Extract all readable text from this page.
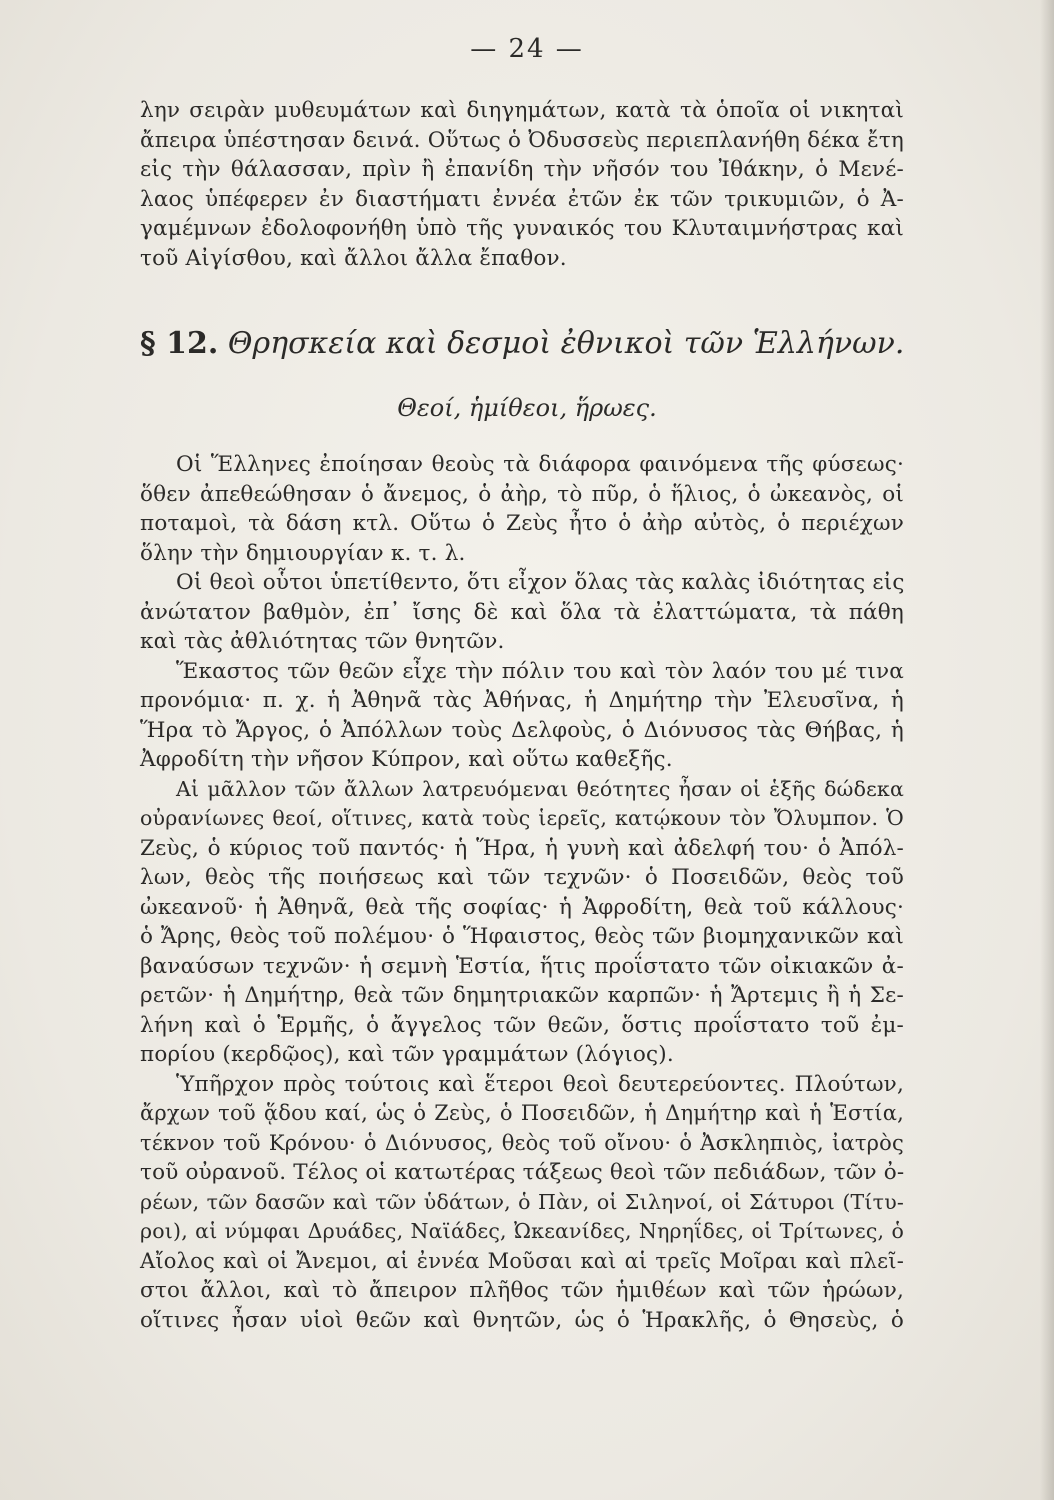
— 24 —
λην σειρὰν μυθευμάτων καὶ διηγημάτων, κατὰ τὰ ὁποῖα οἱ νικηταὶ
ἄπειρα ὑπέστησαν δεινά. Οὕτως ὁ Ὀδυσσεὺς περιεπλανήθη δέκα ἔτη
εἰς τὴν θάλασσαν, πρὶν ἢ ἐπανίδη τὴν νῆσόν του Ἰθάκην, ὁ Μενέ-
λαος ὑπέφερεν ἐν διαστήματι ἐννέα ἐτῶν ἐκ τῶν τρικυμιῶν, ὁ Ἀ-
γαμέμνων ἐδολοφονήθη ὑπὸ τῆς γυναικός του Κλυταιμνήστρας καὶ
τοῦ Αἰγίσθου, καὶ ἄλλοι ἄλλα ἔπαθον.
§ 12. Θρησκεία καὶ δεσμοὶ ἐθνικοὶ τῶν Ἑλλήνων.
Θεοί, ἡμίθεοι, ἥρωες.
Οἱ Ἕλληνες ἐποίησαν θεοὺς τὰ διάφορα φαινόμενα τῆς φύσεως·
ὅθεν ἀπεθεώθησαν ὁ ἄνεμος, ὁ ἀὴρ, τὸ πῦρ, ὁ ἥλιος, ὁ ὠκεανὸς, οἱ
ποταμοὶ, τὰ δάση κτλ. Οὕτω ὁ Ζεὺς ἦτο ὁ ἀὴρ αὐτὸς, ὁ περιέχων
ὅλην τὴν δημιουργίαν κ. τ. λ.
Οἱ θεοὶ οὗτοι ὑπετίθεντο, ὅτι εἶχον ὅλας τὰς καλὰς ἰδιότητας εἰς
ἀνώτατον βαθμὸν, ἐπ᾿ ἴσης δὲ καὶ ὅλα τὰ ἐλαττώματα, τὰ πάθη
καὶ τὰς ἀθλιότητας τῶν θνητῶν.
Ἕκαστος τῶν θεῶν εἶχε τὴν πόλιν του καὶ τὸν λαόν του μέ τινα
προνόμια· π. χ. ἡ Ἀθηνᾶ τὰς Ἀθήνας, ἡ Δημήτηρ τὴν Ἐλευσῖνα, ἡ
Ἥρα τὸ Ἄργος, ὁ Ἀπόλλων τοὺς Δελφοὺς, ὁ Διόνυσος τὰς Θήβας, ἡ
Ἀφροδίτη τὴν νῆσον Κύπρον, καὶ οὕτω καθεξῆς.
Αἱ μᾶλλον τῶν ἄλλων λατρευόμεναι θεότητες ἦσαν οἱ ἑξῆς δώδεκα
οὐρανίωνες θεοί, οἵτινες, κατὰ τοὺς ἱερεῖς, κατῴκουν τὸν Ὄλυμπον. Ὁ
Ζεὺς, ὁ κύριος τοῦ παντός· ἡ Ἥρα, ἡ γυνὴ καὶ ἀδελφή του· ὁ Ἀπόλ-
λων, θεὸς τῆς ποιήσεως καὶ τῶν τεχνῶν· ὁ Ποσειδῶν, θεὸς τοῦ
ὠκεανοῦ· ἡ Ἀθηνᾶ, θεὰ τῆς σοφίας· ἡ Ἀφροδίτη, θεὰ τοῦ κάλλους·
ὁ Ἄρης, θεὸς τοῦ πολέμου· ὁ Ἥφαιστος, θεὸς τῶν βιομηχανικῶν καὶ
βαναύσων τεχνῶν· ἡ σεμνὴ Ἑστία, ἥτις προΐστατο τῶν οἰκιακῶν ἀ-
ρετῶν· ἡ Δημήτηρ, θεὰ τῶν δημητριακῶν καρπῶν· ἡ Ἄρτεμις ἢ ἡ Σε-
λήνη καὶ ὁ Ἑρμῆς, ὁ ἄγγελος τῶν θεῶν, ὅστις προΐστατο τοῦ ἐμ-
πορίου (κερδῷος), καὶ τῶν γραμμάτων (λόγιος).
Ὑπῆρχον πρὸς τούτοις καὶ ἕτεροι θεοὶ δευτερεύοντες. Πλούτων,
ἄρχων τοῦ ᾅδου καί, ὡς ὁ Ζεὺς, ὁ Ποσειδῶν, ἡ Δημήτηρ καὶ ἡ Ἑστία,
τέκνον τοῦ Κρόνου· ὁ Διόνυσος, θεὸς τοῦ οἴνου· ὁ Ἀσκληπιὸς, ἰατρὸς
τοῦ οὐρανοῦ. Τέλος οἱ κατωτέρας τάξεως θεοὶ τῶν πεδιάδων, τῶν ὀ-
ρέων, τῶν δασῶν καὶ τῶν ὑδάτων, ὁ Πὰν, οἱ Σιληνοί, οἱ Σάτυροι (Τίτυ-
ροι), αἱ νύμφαι Δρυάδες, Ναϊάδες, Ὠκεανίδες, Νηρηΐδες, οἱ Τρίτωνες, ὁ
Αἴολος καὶ οἱ Ἄνεμοι, αἱ ἐννέα Μοῦσαι καὶ αἱ τρεῖς Μοῖραι καὶ πλεῖ-
στοι ἄλλοι, καὶ τὸ ἄπειρον πλῆθος τῶν ἡμιθέων καὶ τῶν ἡρώων,
οἵτινες ἦσαν υἱοὶ θεῶν καὶ θνητῶν, ὡς ὁ Ἡρακλῆς, ὁ Θησεὺς, ὁ
